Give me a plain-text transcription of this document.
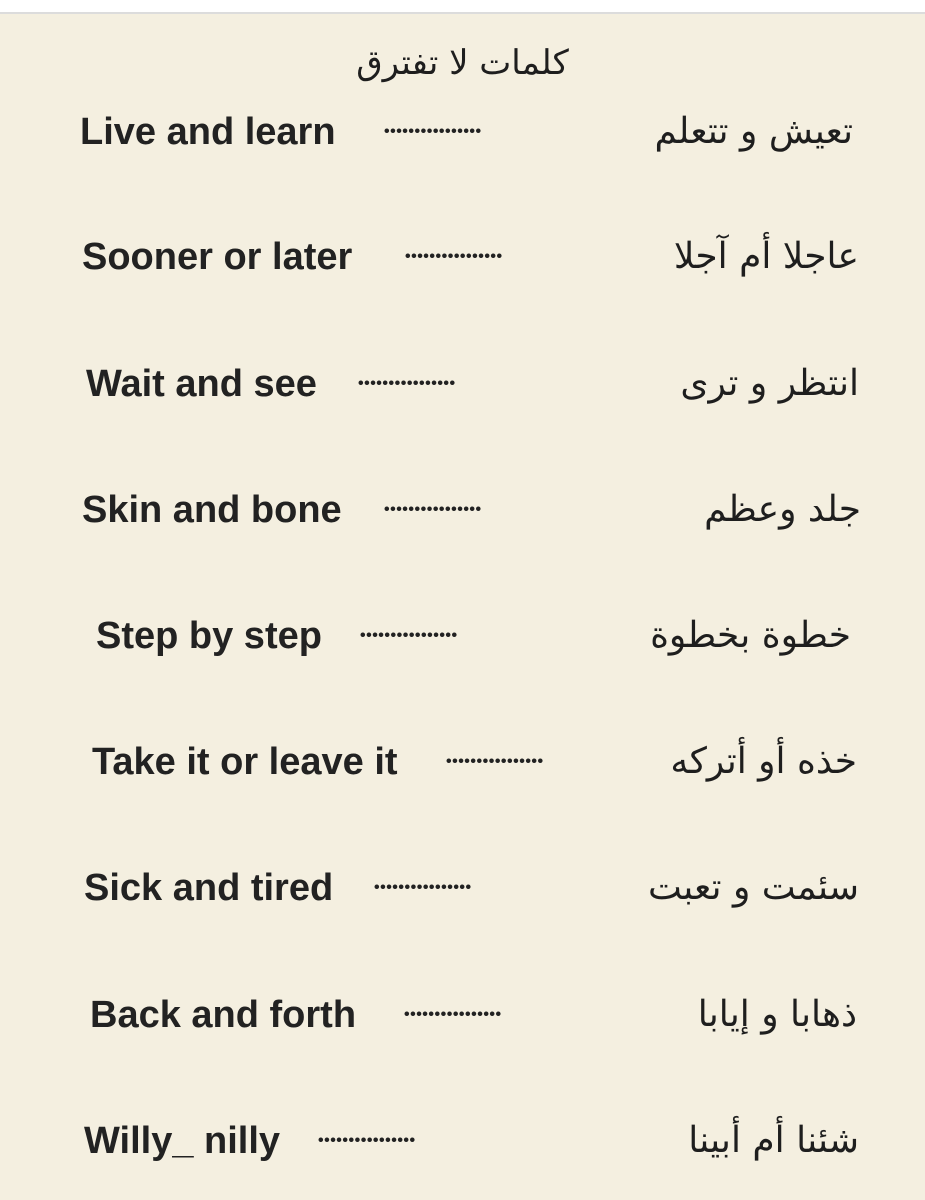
كلمات لا تفترق
Live and learn	••••••••••••••••	تعيش و تتعلم
Sooner or later	••••••••••••••••	عاجلا أم آجلا
Wait and see	••••••••••••••••	انتظر و ترى
Skin and bone	••••••••••••••••	جلد وعظم
Step by step ••••••••••••••••	خطوة بخطوة
Take it or leave it	••••••••••••••••	خذه أو أتركه
Sick and tired	••••••••••••••••	سئمت و تعبت
Back and forth	••••••••••••••••	ذهابا و إيابا
Willy_ nilly ••••••••••••••••	شئنا أم أبينا
